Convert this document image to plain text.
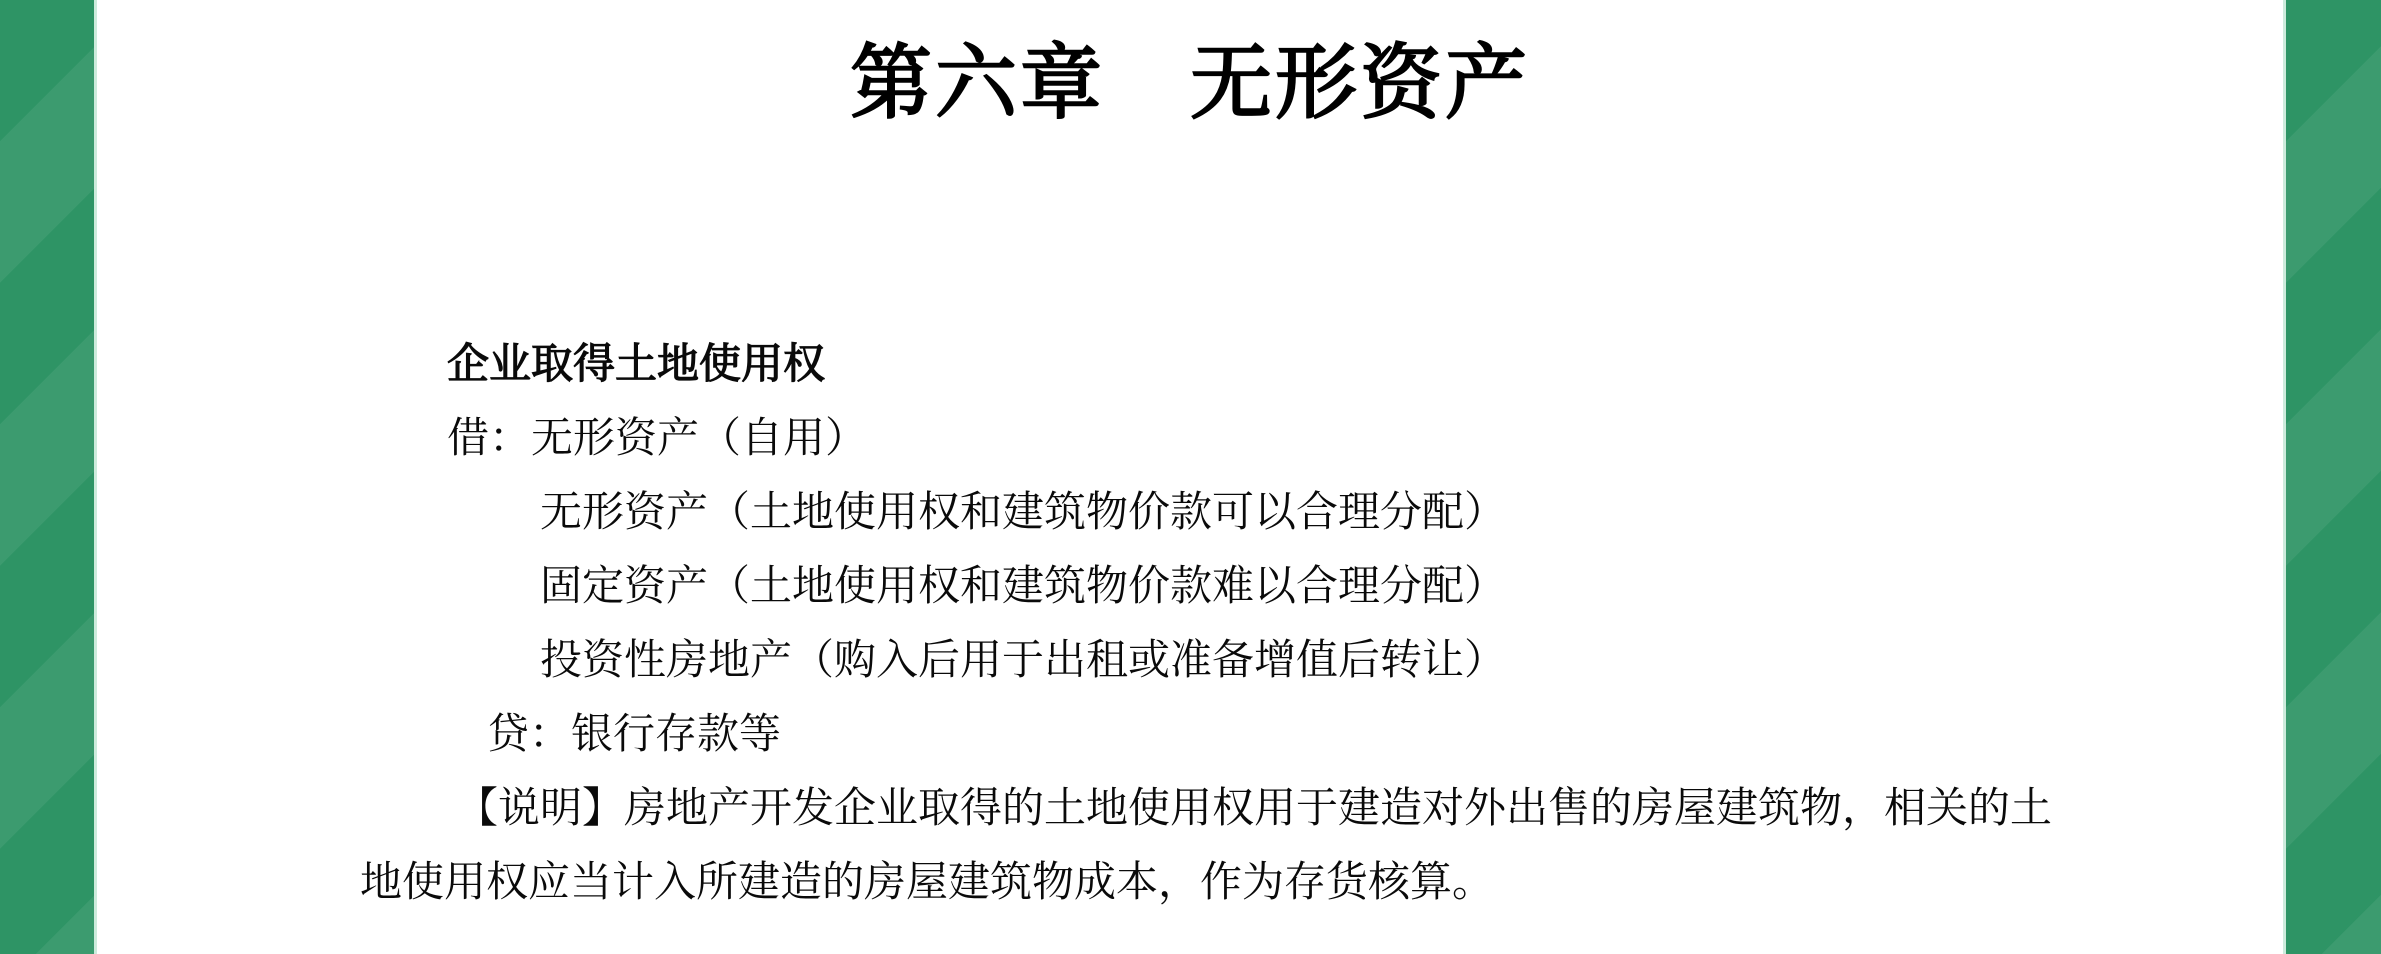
第六章　无形资产
企业取得土地使用权
借：无形资产（自用）
无形资产（土地使用权和建筑物价款可以合理分配）
固定资产（土地使用权和建筑物价款难以合理分配）
投资性房地产（购入后用于出租或准备增值后转让）
贷：银行存款等
【说明】房地产开发企业取得的土地使用权用于建造对外出售的房屋建筑物，相关的土
地使用权应当计入所建造的房屋建筑物成本，作为存货核算。
